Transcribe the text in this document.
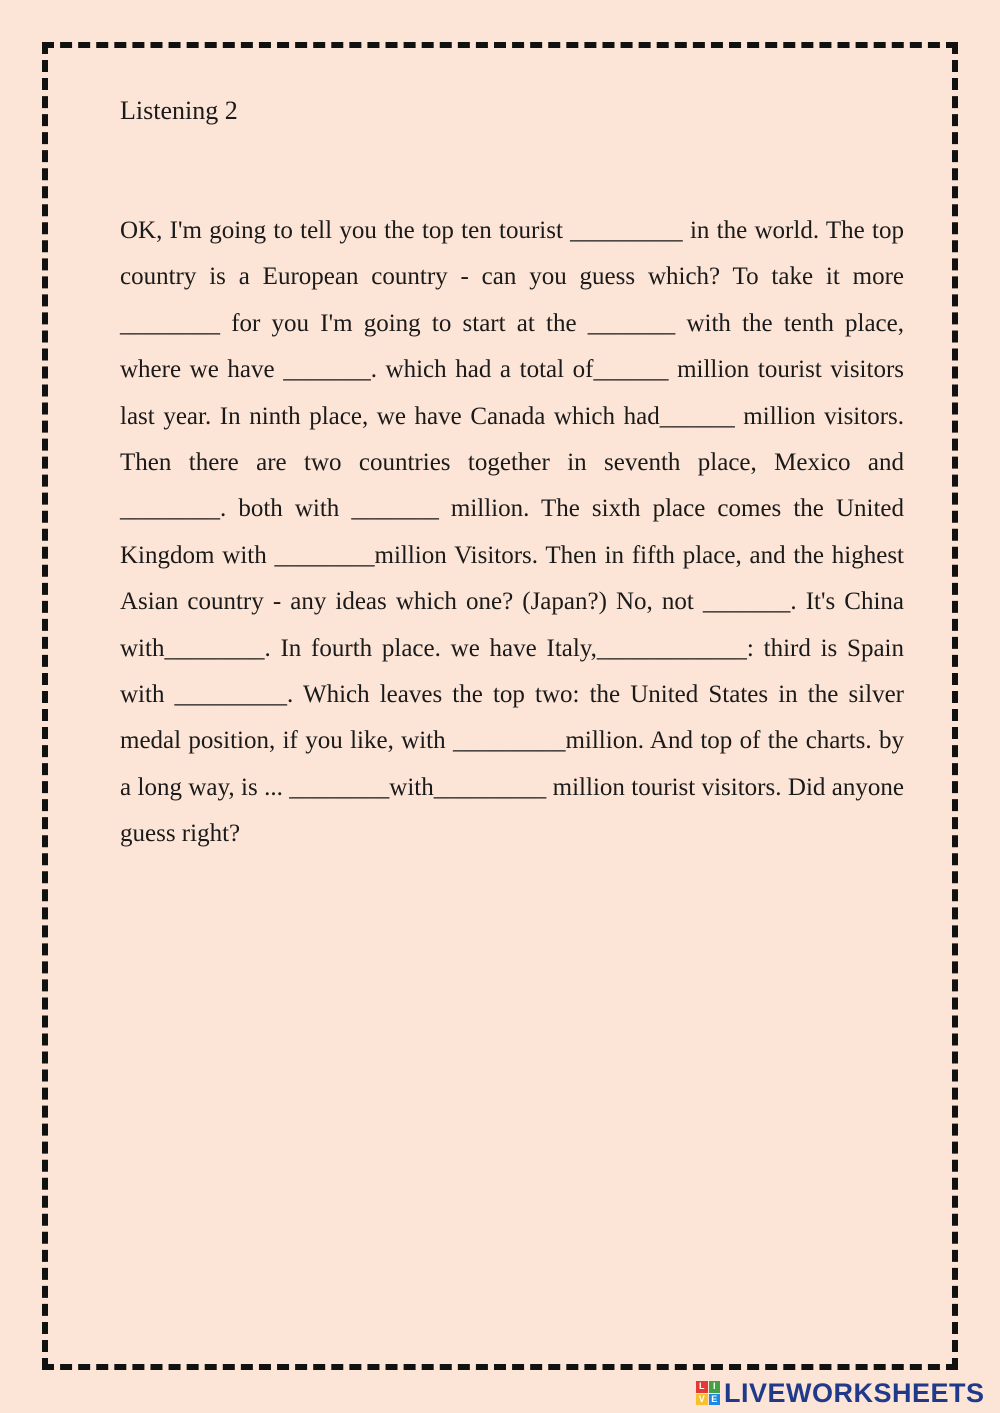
Listening 2

OK, I'm going to tell you the top ten tourist _________ in the world. The top country is a European country - can you guess which? To take it more ________ for you I'm going to start at the _______ with the tenth place, where we have _______. which had a total of______ million tourist visitors last year. In ninth place, we have Canada which had______ million visitors. Then there are two countries together in seventh place, Mexico and ________. both with _______ million. The sixth place comes the United Kingdom with ________million Visitors. Then in fifth place, and the highest Asian country - any ideas which one? (Japan?) No, not _______. It's China with________. In fourth place. we have Italy,____________: third is Spain with _________. Which leaves the top two: the United States in the silver medal position, if you like, with _________million. And top of the charts. by a long way, is ... ________with_________ million tourist visitors. Did anyone guess right?

L I
V E LIVEWORKSHEETS
